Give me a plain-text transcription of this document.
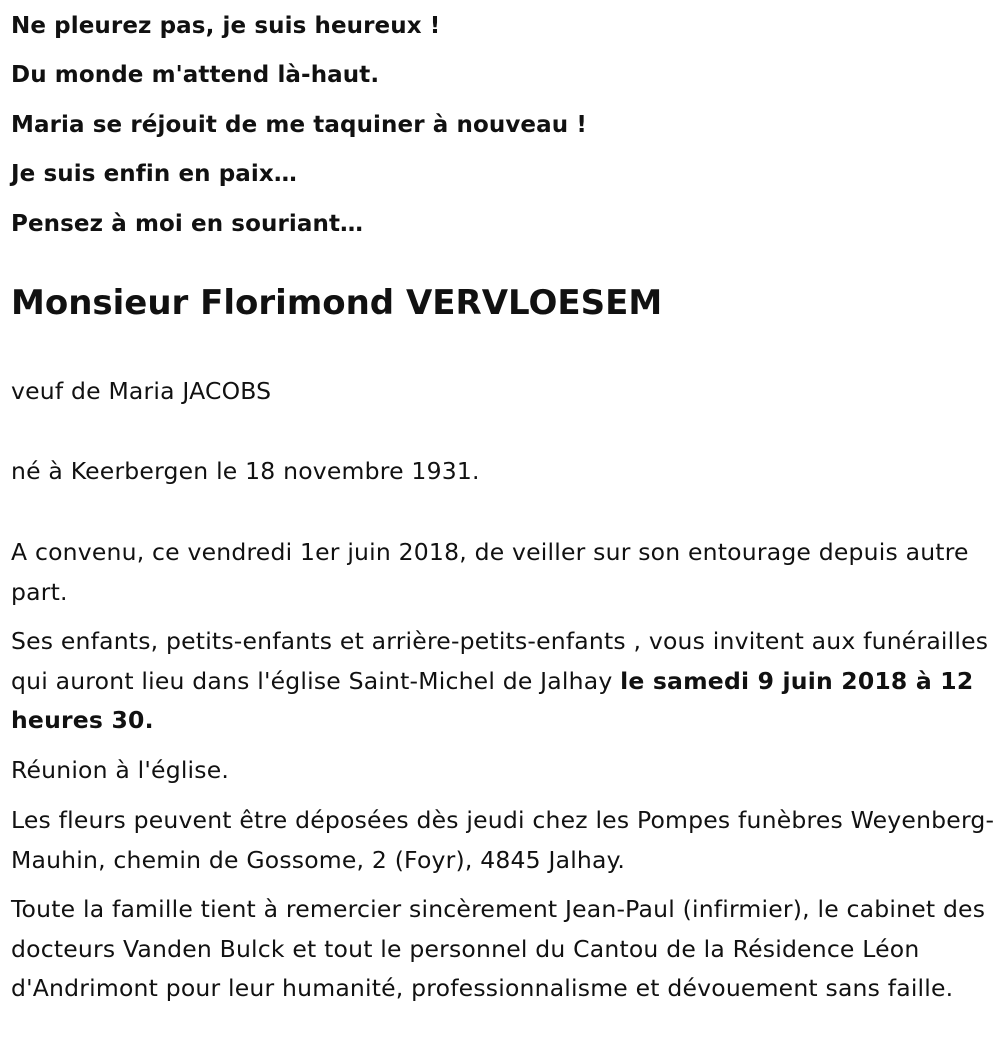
Ne pleurez pas, je suis heureux !
Du monde m'attend là-haut.
Maria se réjouit de me taquiner à nouveau !
Je suis enfin en paix…
Pensez à moi en souriant…
Monsieur Florimond VERVLOESEM

veuf de Maria JACOBS

né à Keerbergen le 18 novembre 1931.

A convenu, ce vendredi 1er juin 2018, de veiller sur son entourage depuis autre part.

Ses enfants, petits-enfants et arrière-petits-enfants , vous invitent aux funérailles qui auront lieu dans l'église Saint-Michel de Jalhay le samedi 9 juin 2018 à 12 heures 30.

Réunion à l'église.

Les fleurs peuvent être déposées dès jeudi chez les Pompes funèbres Weyenberg-Mauhin, chemin de Gossome, 2 (Foyr), 4845 Jalhay.

Toute la famille tient à remercier sincèrement Jean-Paul (infirmier), le cabinet des docteurs Vanden Bulck et tout le personnel du Cantou de la Résidence Léon d'Andrimont pour leur humanité, professionnalisme et dévouement sans faille.
